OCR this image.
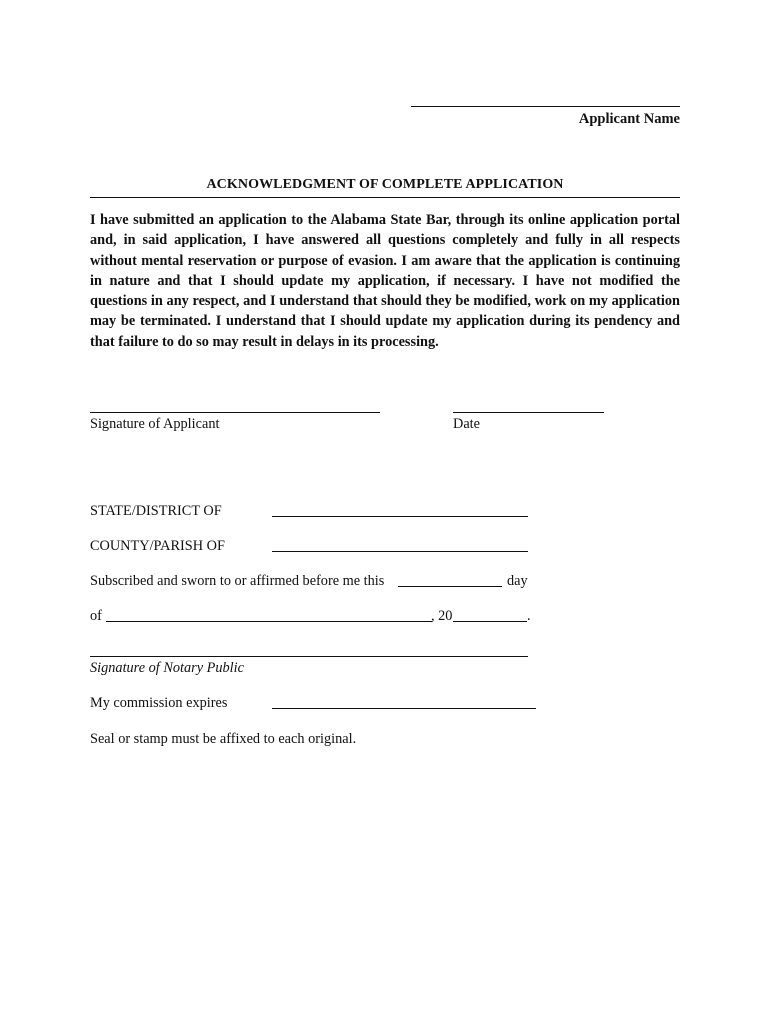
Applicant Name
ACKNOWLEDGMENT OF COMPLETE APPLICATION
I have submitted an application to the Alabama State Bar, through its online application portal and, in said application, I have answered all questions completely and fully in all respects without mental reservation or purpose of evasion. I am aware that the application is continuing in nature and that I should update my application, if necessary. I have not modified the questions in any respect, and I understand that should they be modified, work on my application may be terminated. I understand that I should update my application during its pendency and that failure to do so may result in delays in its processing.
Signature of Applicant	Date
STATE/DISTRICT OF
COUNTY/PARISH OF
Subscribed and sworn to or affirmed before me this	day
of	, 20	.
Signature of Notary Public
My commission expires
Seal or stamp must be affixed to each original.
